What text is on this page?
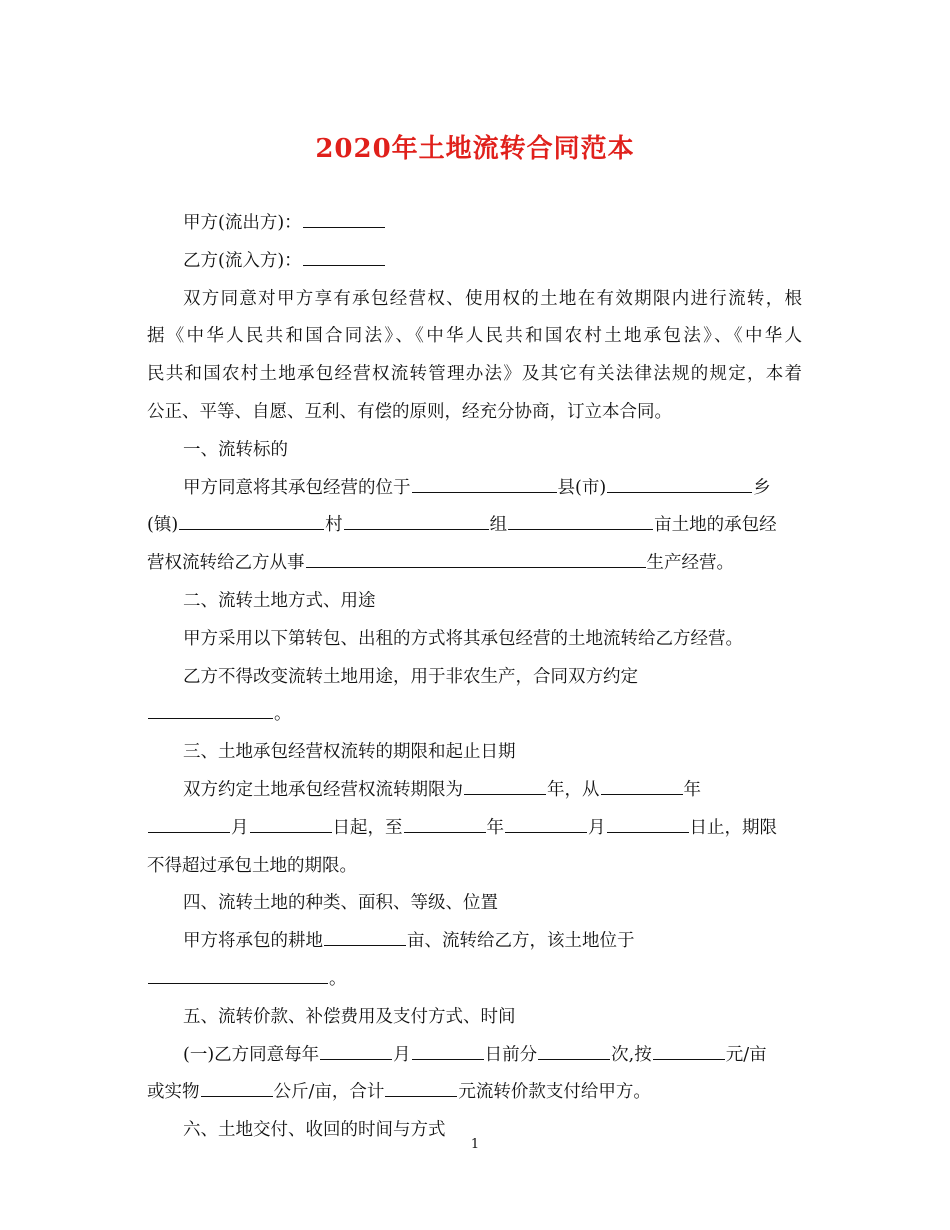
2020年土地流转合同范本
甲方(流出方)：
乙方(流入方)：
双方同意对甲方享有承包经营权、使用权的土地在有效期限内进行流转，根
据《中华人民共和国合同法》、《中华人民共和国农村土地承包法》、《中华人
民共和国农村土地承包经营权流转管理办法》及其它有关法律法规的规定，本着
公正、平等、自愿、互利、有偿的原则，经充分协商，订立本合同。
一、流转标的
甲方同意将其承包经营的位于	县(市)	乡
(镇)	村	组	亩土地的承包经
营权流转给乙方从事	生产经营。
二、流转土地方式、用途
甲方采用以下第转包、出租的方式将其承包经营的土地流转给乙方经营。
乙方不得改变流转土地用途，用于非农生产，合同双方约定
。
三、土地承包经营权流转的期限和起止日期
双方约定土地承包经营权流转期限为	年，从	年
月	日起，至	年	月	日止，期限
不得超过承包土地的期限。
四、流转土地的种类、面积、等级、位置
甲方将承包的耕地	亩、流转给乙方，该土地位于
。
五、流转价款、补偿费用及支付方式、时间
(一)乙方同意每年	月	日前分	次,按	元/亩
或实物	公斤/亩，合计	元流转价款支付给甲方。
六、土地交付、收回的时间与方式
1
